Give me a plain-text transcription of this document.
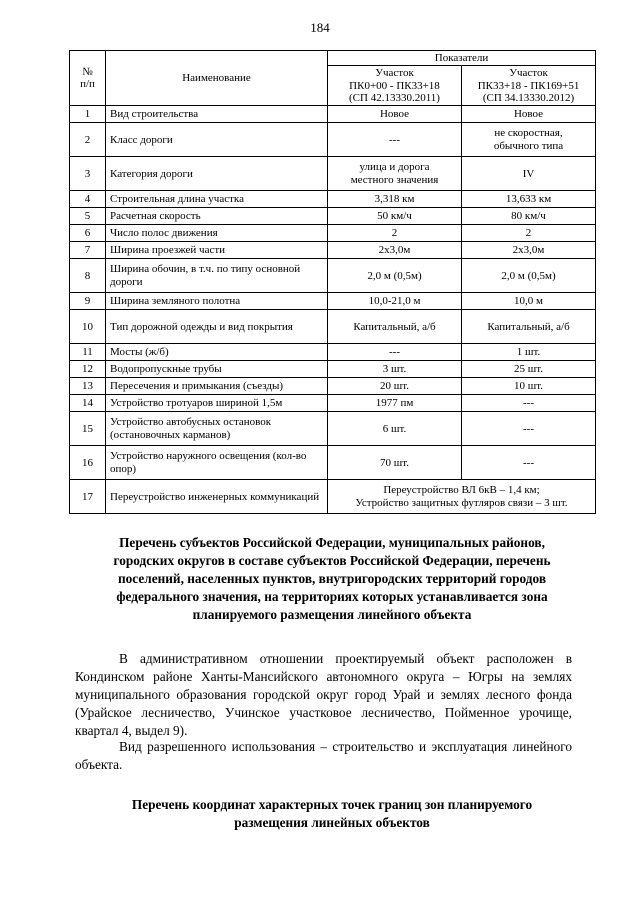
184
№
п/п	Наименование	Показатели	
		Участок
ПК0+00 - ПК33+18
(СП 42.13330.2011)	Участок
ПК33+18 - ПК169+51
(СП 34.13330.2012)
1	Вид строительства	Новое	Новое
2	Класс дороги	---	не скоростная,
обычного типа
3	Категория дороги	улица и дорога
местного значения	IV
4	Строительная длина участка	3,318 км	13,633 км
5	Расчетная скорость	50 км/ч	80 км/ч
6	Число полос движения	2	2
7	Ширина проезжей части	2х3,0м	2х3,0м
8	Ширина обочин, в т.ч. по типу основной дороги	2,0 м (0,5м)	2,0 м (0,5м)
9	Ширина земляного полотна	10,0-21,0 м	10,0 м
10	Тип дорожной одежды и вид покрытия	Капитальный, а/б	Капитальный, а/б
11	Мосты (ж/б)	---	1 шт.
12	Водопропускные трубы	3 шт.	25 шт.
13	Пересечения и примыкания (съезды)	20 шт.	10 шт.
14	Устройство тротуаров шириной 1,5м	1977 пм	---
15	Устройство автобусных остановок (остановочных карманов)	6 шт.	---
16	Устройство наружного освещения (кол-во опор)	70 шт.	---
17	Переустройство инженерных коммуникаций	Переустройство ВЛ 6кВ – 1,4 км;
Устройство защитных футляров связи – 3 шт.	
Перечень субъектов Российской Федерации, муниципальных районов, городских округов в составе субъектов Российской Федерации, перечень поселений, населенных пунктов, внутригородских территорий городов федерального значения, на территориях которых устанавливается зона планируемого размещения линейного объекта
В административном отношении проектируемый объект расположен в Кондинском районе Ханты-Мансийского автономного округа – Югры на землях муниципального образования городской округ город Урай и землях лесного фонда (Урайское лесничество, Учинское участковое лесничество, Пойменное урочище, квартал 4, выдел 9).
Вид разрешенного использования – строительство и эксплуатация линейного объекта.
Перечень координат характерных точек границ зон планируемого размещения линейных объектов
